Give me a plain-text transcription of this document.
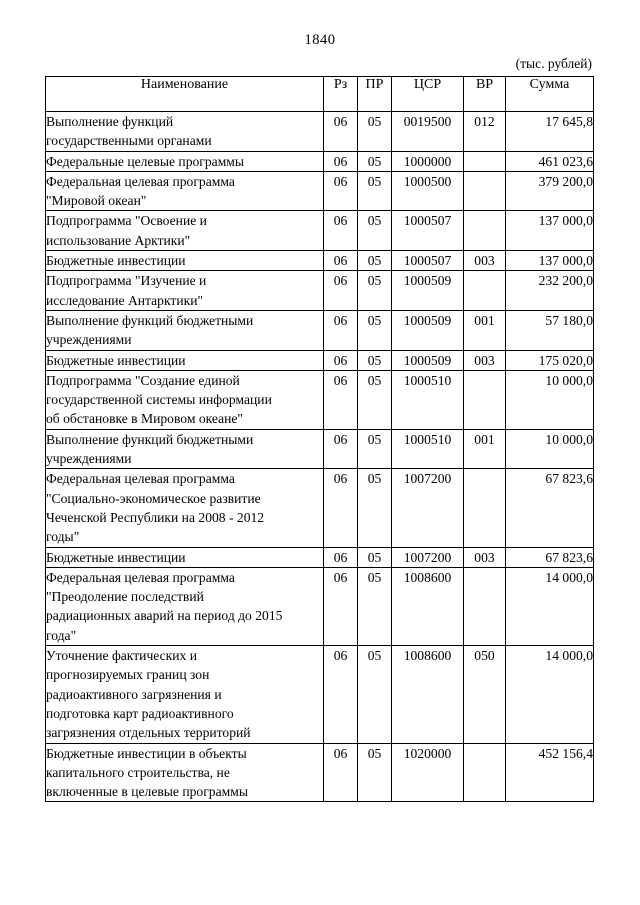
1840
(тыс. рублей)
Наименование	Рз	ПР	ЦСР	ВР	Сумма

Выполнение функций
государственными органами	06	05	0019500	012	17 645,8

Федеральные целевые программы	06	05	1000000		461 023,6

Федеральная целевая программа
"Мировой океан"	06	05	1000500		379 200,0

Подпрограмма "Освоение и
использование Арктики"	06	05	1000507		137 000,0

Бюджетные инвестиции	06	05	1000507	003	137 000,0

Подпрограмма "Изучение и
исследование Антарктики"	06	05	1000509		232 200,0

Выполнение функций бюджетными
учреждениями	06	05	1000509	001	57 180,0

Бюджетные инвестиции	06	05	1000509	003	175 020,0

Подпрограмма "Создание единой
государственной системы информации
об обстановке в Мировом океане"	06	05	1000510		10 000,0

Выполнение функций бюджетными
учреждениями	06	05	1000510	001	10 000,0

Федеральная целевая программа
"Социально-экономическое развитие
Чеченской Республики на 2008 - 2012
годы"	06	05	1007200		67 823,6

Бюджетные инвестиции	06	05	1007200	003	67 823,6

Федеральная целевая программа
"Преодоление последствий
радиационных аварий на период до 2015
года"	06	05	1008600		14 000,0

Уточнение фактических и
прогнозируемых границ зон
радиоактивного загрязнения и
подготовка карт радиоактивного
загрязнения отдельных территорий	06	05	1008600	050	14 000,0

Бюджетные инвестиции в объекты
капитального строительства, не
включенные в целевые программы	06	05	1020000		452 156,4
